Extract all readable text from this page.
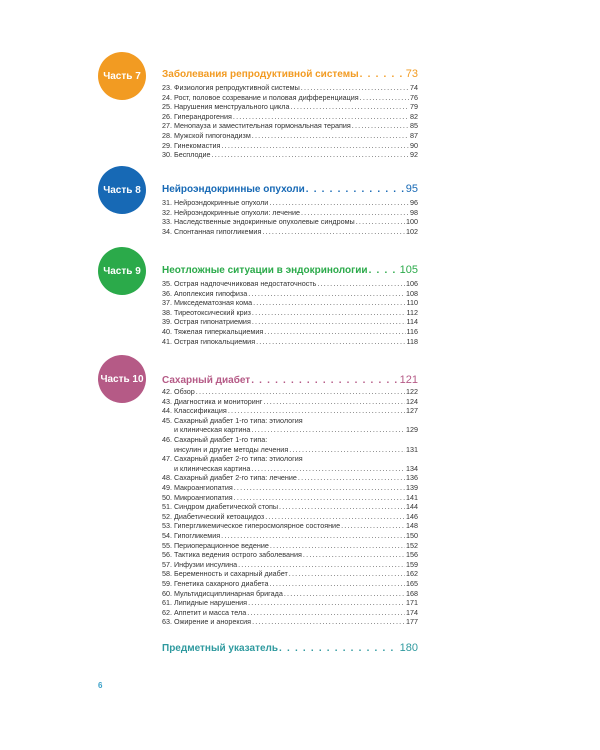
Часть 7 Заболевания репродуктивной системы . . .	73
23. Физиология репродуктивной системы .....	74
24. Рост, половое созревание и половая дифференциация .....	76
25. Нарушения менструального цикла .....	79
26. Гиперандрогения .....	82
27. Менопауза и заместительная гормональная терапия .....	85
28. Мужской гипогонадизм .....	87
29. Гинекомастия .....	90
30. Бесплодие .....	92
Часть 8 Нейроэндокринные опухоли . . .	95
31. Нейроэндокринные опухоли .....	96
32. Нейроэндокринные опухоли: лечение .....	98
33. Наследственные эндокринные опухолевые синдромы .....	100
34. Спонтанная гипогликемия .....	102
Часть 9 Неотложные ситуации в эндокринологии . . .	105
35. Острая надпочечниковая недостаточность .....	106
36. Апоплексия гипофиза .....	108
37. Микседематозная кома .....	110
38. Тиреотоксический криз .....	112
39. Острая гипонатриемия .....	114
40. Тяжелая гиперкальциемия .....	116
41. Острая гипокальциемия .....	118
Часть 10 Сахарный диабет . . .	121
42. Обзор .....	122
43. Диагностика и мониторинг .....	124
44. Классификация .....	127
45. Сахарный диабет 1-го типа: этиология
и клиническая картина .....	129
46. Сахарный диабет 1-го типа:
инсулин и другие методы лечения .....	131
47. Сахарный диабет 2-го типа: этиология
и клиническая картина .....	134
48. Сахарный диабет 2-го типа: лечение .....	136
49. Макроангиопатия .....	139
50. Микроангиопатия .....	141
51. Синдром диабетической стопы .....	144
52. Диабетический кетоацидоз .....	146
53. Гипергликемическое гиперосмолярное состояние .....	148
54. Гипогликемия .....	150
55. Периоперационное ведение .....	152
56. Тактика ведения острого заболевания .....	156
57. Инфузии инсулина .....	159
58. Беременность и сахарный диабет .....	162
59. Генетика сахарного диабета .....	165
60. Мультидисциплинарная бригада .....	168
61. Липидные нарушения .....	171
62. Аппетит и масса тела .....	174
63. Ожирение и анорексия .....	177
Предметный указатель . . .	180
6
